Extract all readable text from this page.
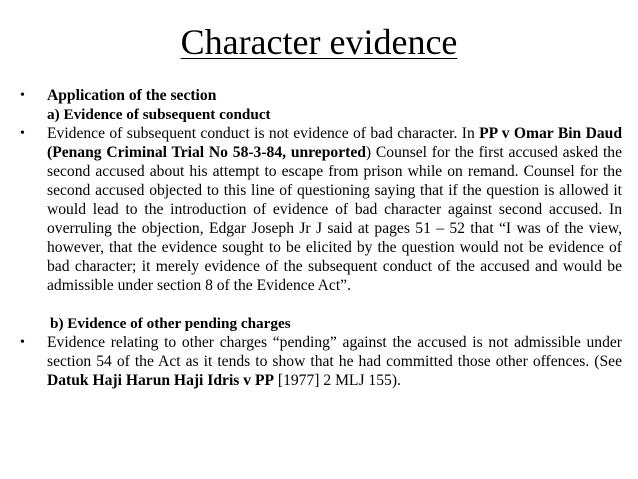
Character evidence
• Application of the section
a) Evidence of subsequent conduct
• Evidence of subsequent conduct is not evidence of bad character. In PP v Omar Bin Daud (Penang Criminal Trial No 58-3-84, unreported) Counsel for the first accused asked the second accused about his attempt to escape from prison while on remand. Counsel for the second accused objected to this line of questioning saying that if the question is allowed it would lead to the introduction of evidence of bad character against second accused. In overruling the objection, Edgar Joseph Jr J said at pages 51 – 52 that “I was of the view, however, that the evidence sought to be elicited by the question would not be evidence of bad character; it merely evidence of the subsequent conduct of the accused and would be admissible under section 8 of the Evidence Act”.
b) Evidence of other pending charges
• Evidence relating to other charges “pending” against the accused is not admissible under section 54 of the Act as it tends to show that he had committed those other offences. (See Datuk Haji Harun Haji Idris v PP [1977] 2 MLJ 155).
